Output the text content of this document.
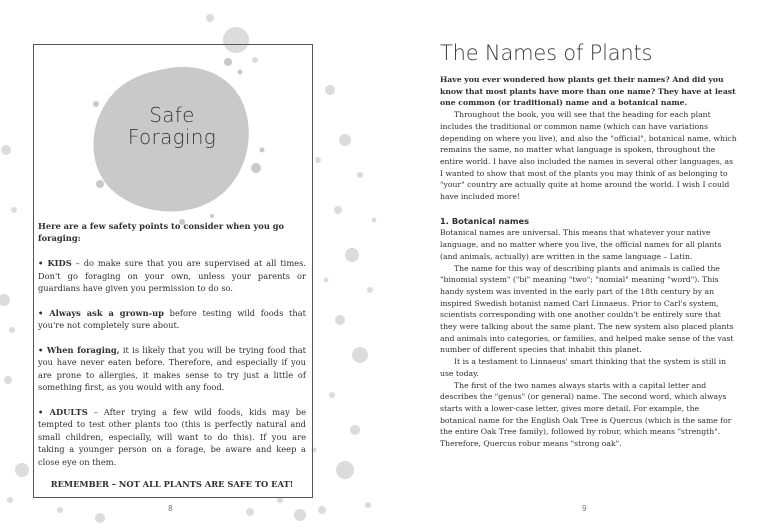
Safe
Foraging

Here are a few safety points to consider when you go foraging:

• KIDS – do make sure that you are supervised at all times. Don't go foraging on your own, unless your parents or guardians have given you permission to do so.

• Always ask a grown-up before testing wild foods that you're not completely sure about.

• When foraging, it is likely that you will be trying food that you have never eaten before. Therefore, and especially if you are prone to allergies, it makes sense to try just a little of something first, as you would with any food.

• ADULTS – After trying a few wild foods, kids may be tempted to test other plants too (this is perfectly natural and small children, especially, will want to do this). If you are taking a younger person on a forage, be aware and keep a close eye on them.

REMEMBER – NOT ALL PLANTS ARE SAFE TO EAT!

8
The Names of Plants

Have you ever wondered how plants get their names? And did you know that most plants have more than one name? They have at least one common (or traditional) name and a botanical name.

Throughout the book, you will see that the heading for each plant includes the traditional or common name (which can have variations depending on where you live), and also the "official", botanical name, which remains the same, no matter what language is spoken, throughout the entire world. I have also included the names in several other languages, as I wanted to show that most of the plants you may think of as belonging to "your" country are actually quite at home around the world. I wish I could have included more!

1. Botanical names

Botanical names are universal. This means that whatever your native language, and no matter where you live, the official names for all plants (and animals, actually) are written in the same language – Latin.

The name for this way of describing plants and animals is called the "binomial system" ("bi" meaning "two"; "nomial" meaning "word"). This handy system was invented in the early part of the 18th century by an inspired Swedish botanist named Carl Linnaeus. Prior to Carl's system, scientists corresponding with one another couldn't be entirely sure that they were talking about the same plant. The new system also placed plants and animals into categories, or families, and helped make sense of the vast number of different species that inhabit this planet.

It is a testament to Linnaeus' smart thinking that the system is still in use today.

The first of the two names always starts with a capital letter and describes the "genus" (or general) name. The second word, which always starts with a lower-case letter, gives more detail. For example, the botanical name for the English Oak Tree is Quercus (which is the same for the entire Oak Tree family), followed by robur, which means "strength". Therefore, Quercus robur means "strong oak".

9
